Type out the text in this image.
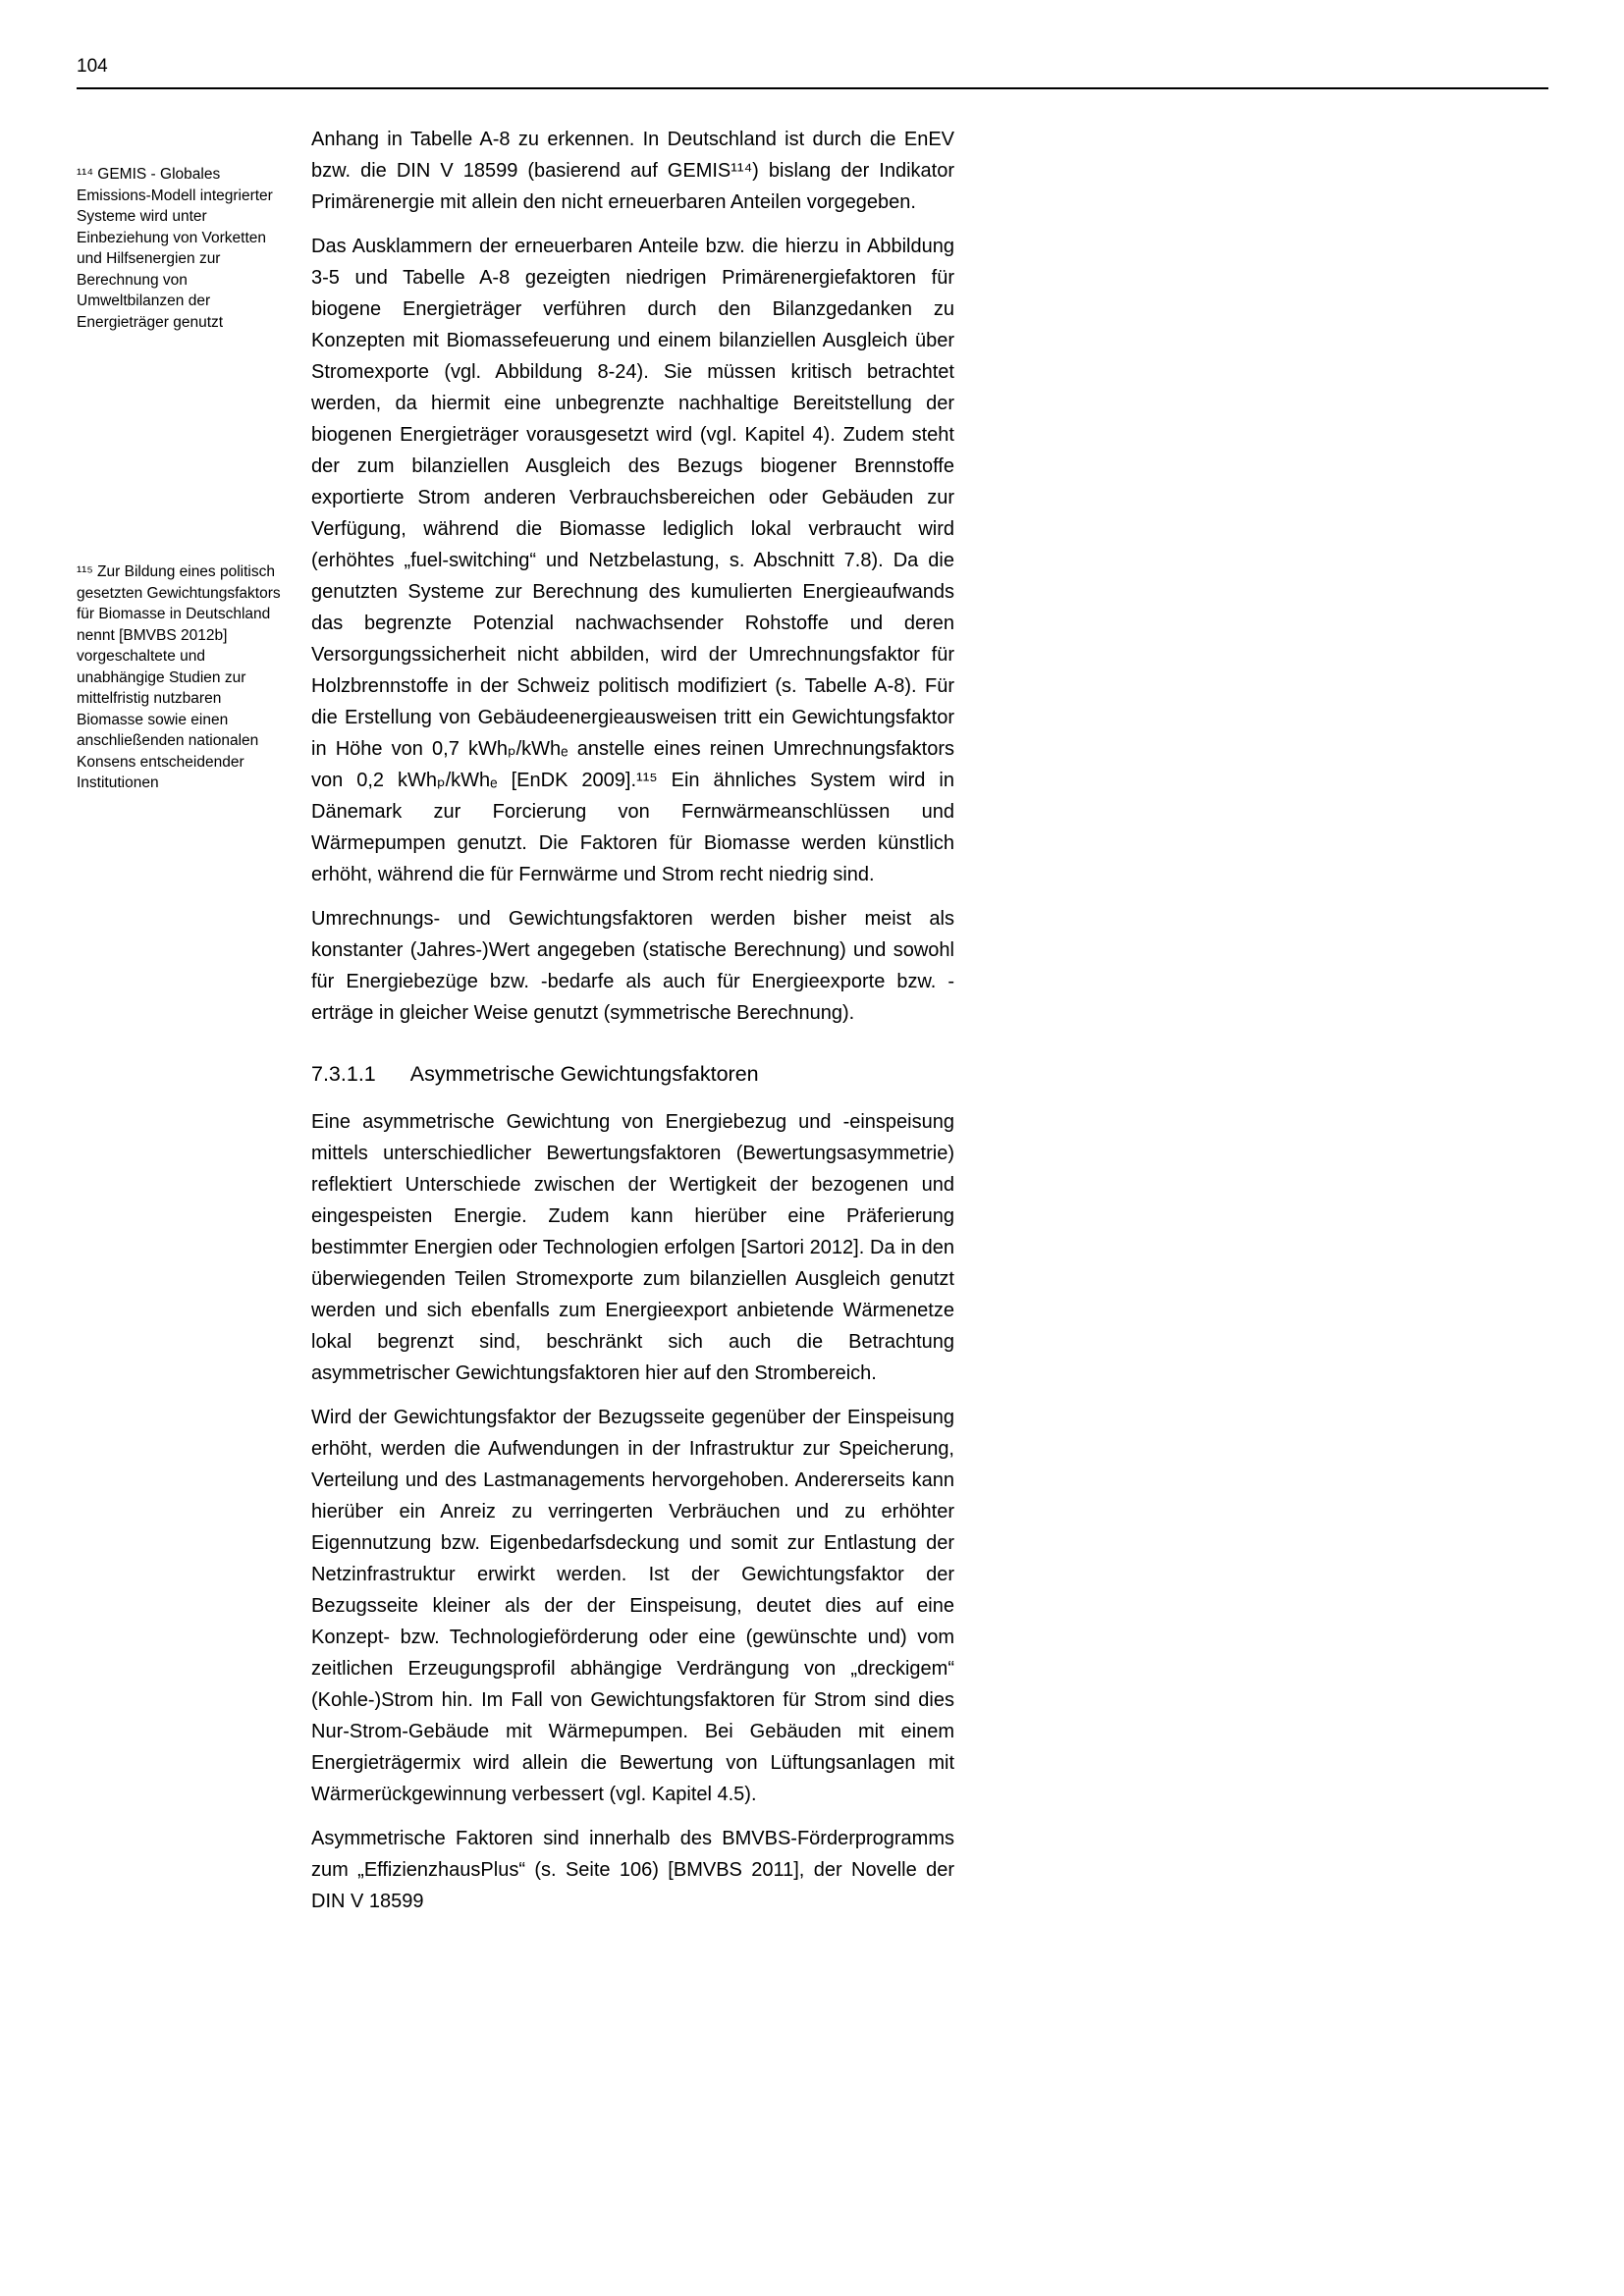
104
¹¹⁴ GEMIS - Globales Emissions-Modell integrierter Systeme wird unter Einbeziehung von Vorketten und Hilfsenergien zur Berechnung von Umweltbilanzen der Energieträger genutzt
¹¹⁵ Zur Bildung eines politisch gesetzten Gewichtungsfaktors für Biomasse in Deutschland nennt [BMVBS 2012b] vorgeschaltete und unabhängige Studien zur mittelfristig nutzbaren Biomasse sowie einen anschließenden nationalen Konsens entscheidender Institutionen

Anhang in Tabelle A-8 zu erkennen. In Deutschland ist durch die EnEV bzw. die DIN V 18599 (basierend auf GEMIS¹¹⁴) bislang der Indikator Primärenergie mit allein den nicht erneuerbaren Anteilen vorgegeben.

Das Ausklammern der erneuerbaren Anteile bzw. die hierzu in Abbildung 3-5 und Tabelle A-8 gezeigten niedrigen Primärenergiefaktoren für biogene Energieträger verführen durch den Bilanzgedanken zu Konzepten mit Biomassefeuerung und einem bilanziellen Ausgleich über Stromexporte (vgl. Abbildung 8-24). Sie müssen kritisch betrachtet werden, da hiermit eine unbegrenzte nachhaltige Bereitstellung der biogenen Energieträger vorausgesetzt wird (vgl. Kapitel 4). Zudem steht der zum bilanziellen Ausgleich des Bezugs biogener Brennstoffe exportierte Strom anderen Verbrauchsbereichen oder Gebäuden zur Verfügung, während die Biomasse lediglich lokal verbraucht wird (erhöhtes „fuel-switching“ und Netzbelastung, s. Abschnitt 7.8). Da die genutzten Systeme zur Berechnung des kumulierten Energieaufwands das begrenzte Potenzial nachwachsender Rohstoffe und deren Versorgungssicherheit nicht abbilden, wird der Umrechnungsfaktor für Holzbrennstoffe in der Schweiz politisch modifiziert (s. Tabelle A-8). Für die Erstellung von Gebäudeenergieausweisen tritt ein Gewichtungsfaktor in Höhe von 0,7 kWhₚ/kWhₑ anstelle eines reinen Umrechnungsfaktors von 0,2 kWhₚ/kWhₑ [EnDK 2009].¹¹⁵ Ein ähnliches System wird in Dänemark zur Forcierung von Fernwärmeanschlüssen und Wärmepumpen genutzt. Die Faktoren für Biomasse werden künstlich erhöht, während die für Fernwärme und Strom recht niedrig sind.

Umrechnungs- und Gewichtungsfaktoren werden bisher meist als konstanter (Jahres-)Wert angegeben (statische Berechnung) und sowohl für Energiebezüge bzw. -bedarfe als auch für Energieexporte bzw. -erträge in gleicher Weise genutzt (symmetrische Berechnung).

7.3.1.1 Asymmetrische Gewichtungsfaktoren

Eine asymmetrische Gewichtung von Energiebezug und -einspeisung mittels unterschiedlicher Bewertungsfaktoren (Bewertungsasymmetrie) reflektiert Unterschiede zwischen der Wertigkeit der bezogenen und eingespeisten Energie. Zudem kann hierüber eine Präferierung bestimmter Energien oder Technologien erfolgen [Sartori 2012]. Da in den überwiegenden Teilen Stromexporte zum bilanziellen Ausgleich genutzt werden und sich ebenfalls zum Energieexport anbietende Wärmenetze lokal begrenzt sind, beschränkt sich auch die Betrachtung asymmetrischer Gewichtungsfaktoren hier auf den Strombereich.

Wird der Gewichtungsfaktor der Bezugsseite gegenüber der Einspeisung erhöht, werden die Aufwendungen in der Infrastruktur zur Speicherung, Verteilung und des Lastmanagements hervorgehoben. Andererseits kann hierüber ein Anreiz zu verringerten Verbräuchen und zu erhöhter Eigennutzung bzw. Eigenbedarfsdeckung und somit zur Entlastung der Netzinfrastruktur erwirkt werden. Ist der Gewichtungsfaktor der Bezugsseite kleiner als der der Einspeisung, deutet dies auf eine Konzept- bzw. Technologieförderung oder eine (gewünschte und) vom zeitlichen Erzeugungsprofil abhängige Verdrängung von „dreckigem“ (Kohle-)Strom hin. Im Fall von Gewichtungsfaktoren für Strom sind dies Nur-Strom-Gebäude mit Wärmepumpen. Bei Gebäuden mit einem Energieträgermix wird allein die Bewertung von Lüftungsanlagen mit Wärmerückgewinnung verbessert (vgl. Kapitel 4.5).

Asymmetrische Faktoren sind innerhalb des BMVBS-Förderprogramms zum „EffizienzhausPlus“ (s. Seite 106) [BMVBS 2011], der Novelle der DIN V 18599
